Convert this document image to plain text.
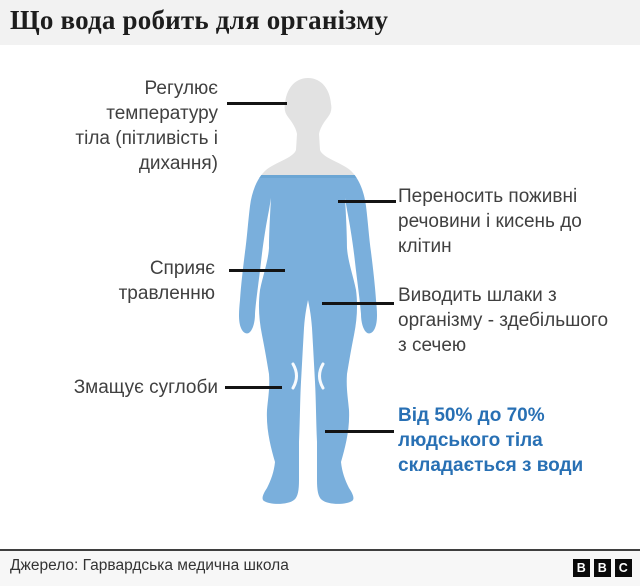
Що вода робить для організму
Регулює
температуру
тіла (пітливість і
дихання)
Переносить поживні
речовини і кисень до
клітин
Сприяє
травленню	Виводить шлаки з
організму - здебільшого
з сечею
Змащує суглоби
Від 50% до 70%
людського тіла
складається з води
Джерело: Гарвардська медична школа	B B C
